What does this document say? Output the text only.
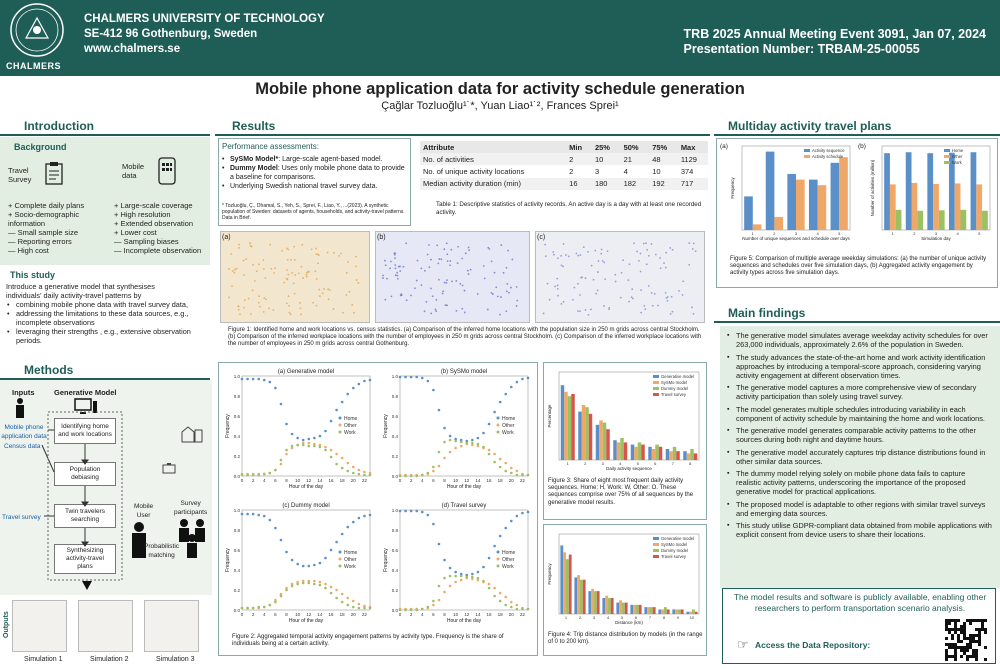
CHALMERS
CHALMERS UNIVERSITY OF TECHNOLOGY
SE-412 96 Gothenburg, Sweden
www.chalmers.se
TRB 2025 Annual Meeting Event 3091, Jan 07, 2024
Presentation Number: TRBAM-25-00055
Mobile phone application data for activity schedule generation
Çağlar Tozluoğlu¹˙*, Yuan Liao¹˙², Frances Sprei¹
Introduction
Background
Travel
Survey
Mobile
data
+ Complete daily plans
+ Socio-demographic
information
— Small sample size
— Reporting errors
— High cost
+ Large-scale coverage
+ High resolution
+ Extended observation
+ Lower cost
— Sampling biases
— Incomplete observation
This study
Introduce a generative model that synthesises
individuals' daily activity-travel patterns by
• combining mobile phone data with travel survey data,
• addressing the limitations to these data sources, e.g.,
incomplete observations
• leveraging their strengths , e.g., extensive observation
periods.
Methods
Inputs	Generative Model
Mobile phone
application data
Census data
Travel survey
Identifying home
and work locations
Population
debiasing
Twin travelers
searching
Synthesizing
activity-travel
plans
Mobile
User
Survey
participants
Probabilistic
matching
Outputs
Simulation 1	Simulation 2	Simulation 3
Results
Performance assessments:
• SySMo Model*: Large-scale agent-based model.
• Dummy Model: Uses only mobile phone data to provide a baseline for comparisons.
• Underlying Swedish national travel survey data.
* Tozluoğlu, Ç., Dhamal, S., Yeh, S., Sprei, F., Liao, Y., ...(2023). A synthetic population of Sweden: datasets of agents, households, and activity-travel patterns. Data in Brief.
Attribute	Min	25%	50%	75%	Max
No. of activities	2	10	21	48	1129
No. of unique activity locations	2	3	4	10	374
Median activity duration (min)	16	180	182	192	717
Table 1: Descriptive statistics of activity records. An active day is a day with at least one recorded activity.
(a)	(b)	(c)
Figure 1: Identified home and work locations vs. census statistics. (a) Comparison of the inferred home locations with the population size in 250 m grids across central Stockholm. (b) Comparison of the inferred workplace locations with the number of employees in 250 m grids across central Stockholm. (c) Comparison of the inferred workplace locations with the number of employees in 250 m grids across central Gothenburg.
(a) Generative model
0.0
0.2
0.4
0.6
0.8
1.0
0 2 4 6 8 10 12 14 16 18 20 22
Hour of the day
Frequency	Home
Other
Work
(b) SySMo model
0.0
0.2
0.4
0.6
0.8
1.0
0 2 4 6 8 10 12 14 16 18 20 22
Hour of the day
Frequency	Home
Other
Work
(c) Dummy model
0.0
0.2
0.4
0.6
0.8
1.0
0 2 4 6 8 10 12 14 16 18 20 22
Hour of the day
Frequency	Home
Other
Work
(d) Travel survey
0.0
0.2
0.4
0.6
0.8
1.0
0 2 4 6 8 10 12 14 16 18 20 22
Hour of the day
Frequency	Home
Other
Work
Figure 2: Aggregated temporal activity engagement patterns by activity type. Frequency is the share of individuals being at a certain activity.
1	2	3	4	5	6	7	8
Daily activity sequence
Percentage
Generative model
SySMo model
Dummy model
Travel survey
Figure 3: Share of eight most frequent daily activity sequences. Home: H, Work: W, Other: O. These sequences comprise over 75% of all sequences by the generative model results.
1	2	3	4	5	6	7	8	9	10
Distance (km)
Frequency
Generative model
SySMo model
Dummy model
Travel survey
Figure 4: Trip distance distribution by models (in the range of 0 to 200 km).
Multiday activity travel plans
(a)	(b)
1	2	3	4	5
Number of unique sequences and schedule over days
Frequency
Activity sequence
Activity schedule
1	2	3	4	5
Simulation day
Number of activities (million)
Home
Other
Work
Figure 5: Comparison of multiple average weekday simulations: (a) the number of unique activity sequences and schedules over five simulation days, (b) Aggregated activity engagement by activity types across five simulation days.
Main findings
▪ The generative model simulates average weekday activity schedules for over 263,000 individuals, approximately 2.6% of the population in Sweden.
▪ The study advances the state-of-the-art home and work activity identification approaches by introducing a temporal-score approach, considering varying activity engagement at different observation times.
▪ The generative model captures a more comprehensive view of secondary activity participation than solely using travel survey.
▪ The model generates multiple schedules introducing variability in each component of activity schedule by maintaining the home and work locations.
▪ The generative model generates comparable activity patterns to the other sources during both night and daytime hours.
▪ The generative model accurately captures trip distance distributions found in other similar data sources.
▪ The dummy model relying solely on mobile phone data fails to capture realistic activity patterns, underscoring the importance of the proposed generative model for practical applications.
▪ The proposed model is adaptable to other regions with similar travel surveys and emerging data sources.
▪ This study utilise GDPR-compliant data obtained from mobile applications with explicit consent from device users to share their locations.
The model results and software is publicly available, enabling other researchers to perform transportation scenario analysis.
☞ Access the Data Repository:
